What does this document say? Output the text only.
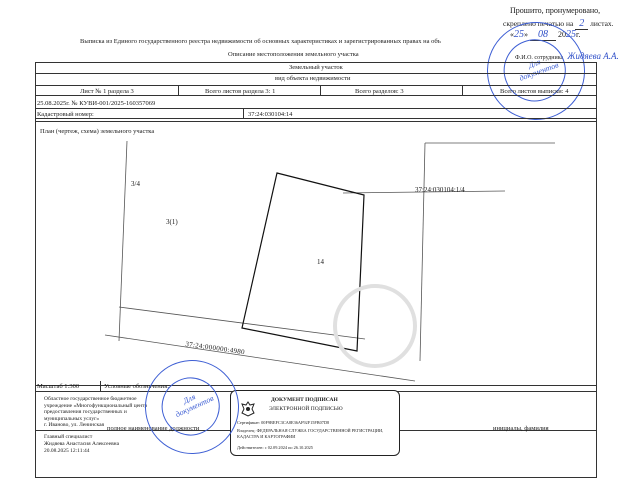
Прошито, пронумеровано,
скреплено печатью на 2 листах.
«25» 08 2025г.
Ф.И.О. сотрудника Жидяева А.А.
Для документов
Выписка из Единого государственного реестра недвижимости об основных характеристиках и зарегистрированных правах на объ
Описание местоположения земельного участка
Земельный участок
вид объекта недвижимости
Лист № 1 раздела 3	Всего листов раздела 3: 1	Всего разделов: 3	Всего листов выписки: 4
25.08.2025г. № КУВИ-001/2025-160357069
Кадастровый номер:	37:24:030104:14
План (чертеж, схема) земельного участка
3/4
3(1)
14
37:24:030104:1/4
37:24:000000:4980
Масштаб 1:300	Условные обозначения:
Областное государственное бюджетное учреждение «Многофункциональный центр предоставления государственных и муниципальных услуг»
г. Иваново, ул. Ленинская полное наименование должности	инициалы, фамилия
Главный специалист
Жидяева Анастасия Алексеевна
20.08.2025 12:11:44
ДОКУМЕНТ ПОДПИСАН
ЭЛЕКТРОННОЙ ПОДПИСЬЮ
Сертификат: 00F9BEFC3CA8E36AF92F15FB07D8
Владелец: ФЕДЕРАЛЬНАЯ СЛУЖБА ГОСУДАРСТВЕННОЙ РЕГИСТРАЦИИ, КАДАСТРА И КАРТОГРАФИИ
Действителен: с 02.09.2024 по 26.10.2025
Для документов
